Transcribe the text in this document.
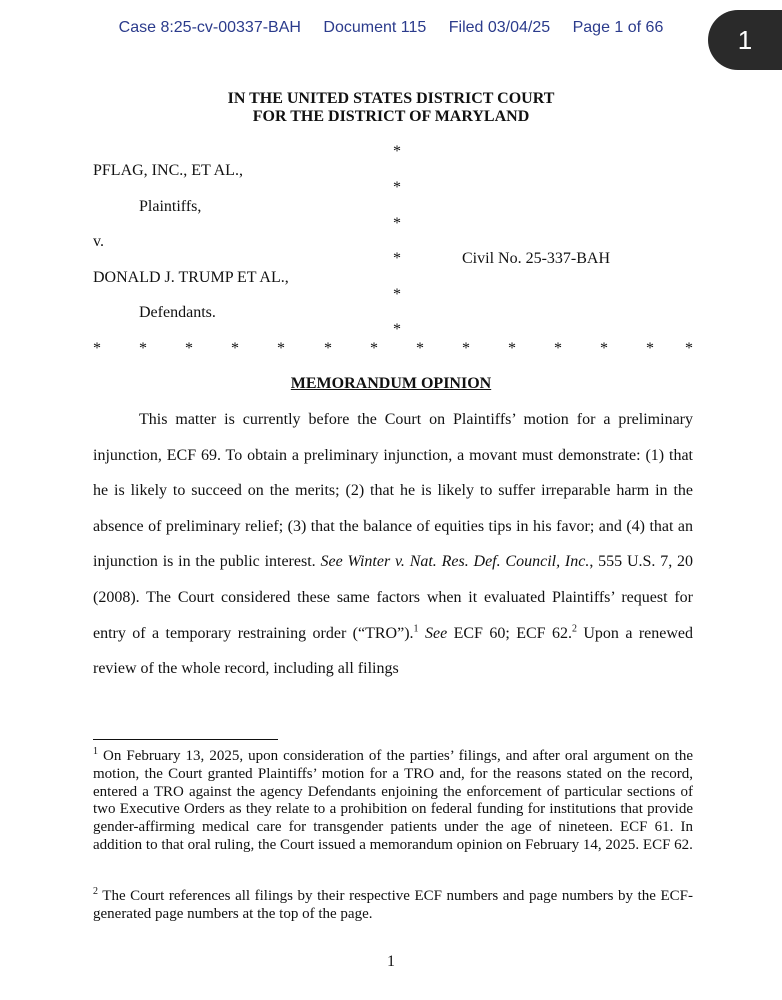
1
Case 8:25-cv-00337-BAH Document 115 Filed 03/04/25 Page 1 of 66
IN THE UNITED STATES DISTRICT COURT
FOR THE DISTRICT OF MARYLAND
PFLAG, INC., ET AL.,
Plaintiffs,
v.
DONALD J. TRUMP ET AL.,
Defendants.
Civil No. 25-337-BAH
*
*
*
*
*
*
* * * * * * * * * * * * * *
MEMORANDUM OPINION

This matter is currently before the Court on Plaintiffs’ motion for a preliminary injunction, ECF 69. To obtain a preliminary injunction, a movant must demonstrate: (1) that he is likely to succeed on the merits; (2) that he is likely to suffer irreparable harm in the absence of preliminary relief; (3) that the balance of equities tips in his favor; and (4) that an injunction is in the public interest. See Winter v. Nat. Res. Def. Council, Inc., 555 U.S. 7, 20 (2008). The Court considered these same factors when it evaluated Plaintiffs’ request for entry of a temporary restraining order (“TRO”).$^1$ See ECF 60; ECF 62.$^2$ Upon a renewed review of the whole record, including all filings

$^1$ On February 13, 2025, upon consideration of the parties’ filings, and after oral argument on the motion, the Court granted Plaintiffs’ motion for a TRO and, for the reasons stated on the record, entered a TRO against the agency Defendants enjoining the enforcement of particular sections of two Executive Orders as they relate to a prohibition on federal funding for institutions that provide gender-affirming medical care for transgender patients under the age of nineteen. ECF 61. In addition to that oral ruling, the Court issued a memorandum opinion on February 14, 2025. ECF 62.

$^2$ The Court references all filings by their respective ECF numbers and page numbers by the ECF-generated page numbers at the top of the page.

1
